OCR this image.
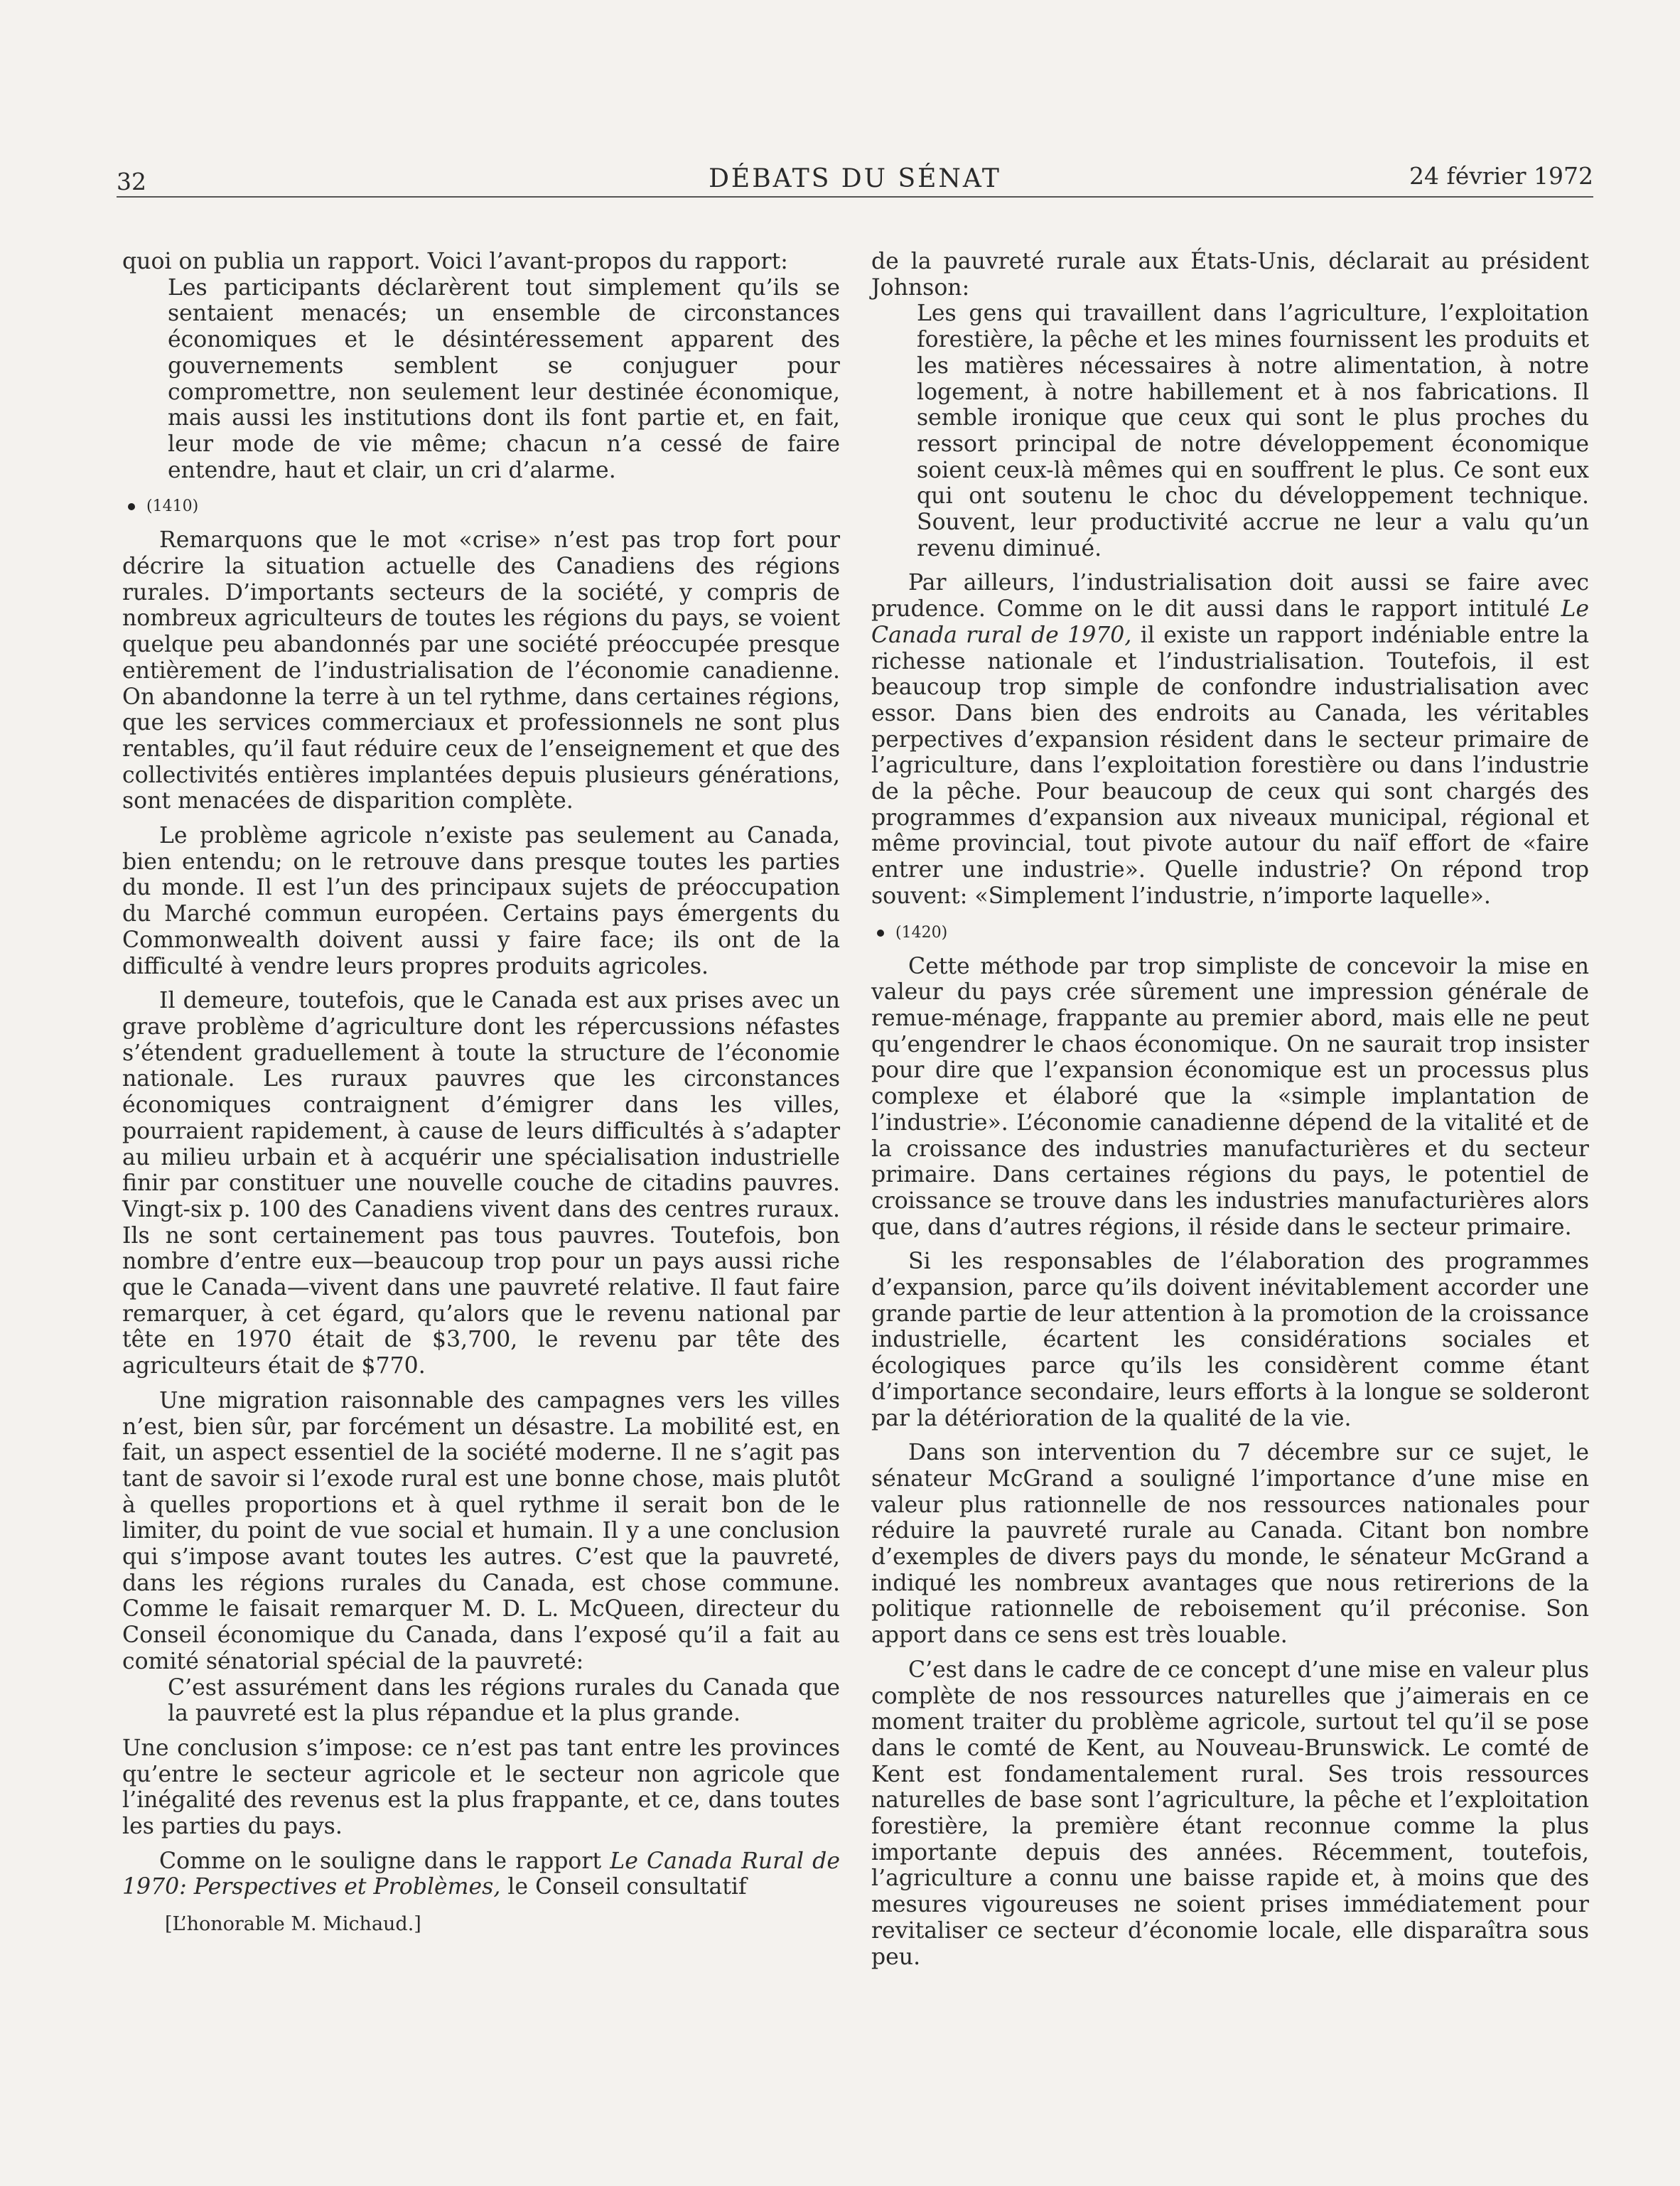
32	DÉBATS DU SÉNAT	24 février 1972

quoi on publia un rapport. Voici l’avant-propos du rapport:

Les participants déclarèrent tout simplement qu’ils se sentaient menacés; un ensemble de circonstances économiques et le désintéressement apparent des gouvernements semblent se conjuguer pour compromettre, non seulement leur destinée économique, mais aussi les institutions dont ils font partie et, en fait, leur mode de vie même; chacun n’a cessé de faire entendre, haut et clair, un cri d’alarme.

(1410)

Remarquons que le mot «crise» n’est pas trop fort pour décrire la situation actuelle des Canadiens des régions rurales. D’importants secteurs de la société, y compris de nombreux agriculteurs de toutes les régions du pays, se voient quelque peu abandonnés par une société préoccupée presque entièrement de l’industrialisation de l’économie canadienne. On abandonne la terre à un tel rythme, dans certaines régions, que les services commerciaux et professionnels ne sont plus rentables, qu’il faut réduire ceux de l’enseignement et que des collectivités entières implantées depuis plusieurs générations, sont menacées de disparition complète.

Le problème agricole n’existe pas seulement au Canada, bien entendu; on le retrouve dans presque toutes les parties du monde. Il est l’un des principaux sujets de préoccupation du Marché commun européen. Certains pays émergents du Commonwealth doivent aussi y faire face; ils ont de la difficulté à vendre leurs propres produits agricoles.

Il demeure, toutefois, que le Canada est aux prises avec un grave problème d’agriculture dont les répercussions néfastes s’étendent graduellement à toute la structure de l’économie nationale. Les ruraux pauvres que les circonstances économiques contraignent d’émigrer dans les villes, pourraient rapidement, à cause de leurs difficultés à s’adapter au milieu urbain et à acquérir une spécialisation industrielle finir par constituer une nouvelle couche de citadins pauvres. Vingt-six p. 100 des Canadiens vivent dans des centres ruraux. Ils ne sont certainement pas tous pauvres. Toutefois, bon nombre d’entre eux—beaucoup trop pour un pays aussi riche que le Canada—vivent dans une pauvreté relative. Il faut faire remarquer, à cet égard, qu’alors que le revenu national par tête en 1970 était de $3,700, le revenu par tête des agriculteurs était de $770.

Une migration raisonnable des campagnes vers les villes n’est, bien sûr, par forcément un désastre. La mobilité est, en fait, un aspect essentiel de la société moderne. Il ne s’agit pas tant de savoir si l’exode rural est une bonne chose, mais plutôt à quelles proportions et à quel rythme il serait bon de le limiter, du point de vue social et humain. Il y a une conclusion qui s’impose avant toutes les autres. C’est que la pauvreté, dans les régions rurales du Canada, est chose commune. Comme le faisait remarquer M. D. L. McQueen, directeur du Conseil économique du Canada, dans l’exposé qu’il a fait au comité sénatorial spécial de la pauvreté:

C’est assurément dans les régions rurales du Canada que la pauvreté est la plus répandue et la plus grande.

Une conclusion s’impose: ce n’est pas tant entre les provinces qu’entre le secteur agricole et le secteur non agricole que l’inégalité des revenus est la plus frappante, et ce, dans toutes les parties du pays.

Comme on le souligne dans le rapport Le Canada Rural de 1970: Perspectives et Problèmes, le Conseil consultatif

[L’honorable M. Michaud.]

de la pauvreté rurale aux États-Unis, déclarait au président Johnson:

Les gens qui travaillent dans l’agriculture, l’exploitation forestière, la pêche et les mines fournissent les produits et les matières nécessaires à notre alimentation, à notre logement, à notre habillement et à nos fabrications. Il semble ironique que ceux qui sont le plus proches du ressort principal de notre développement économique soient ceux-là mêmes qui en souffrent le plus. Ce sont eux qui ont soutenu le choc du développement technique. Souvent, leur productivité accrue ne leur a valu qu’un revenu diminué.

Par ailleurs, l’industrialisation doit aussi se faire avec prudence. Comme on le dit aussi dans le rapport intitulé Le Canada rural de 1970, il existe un rapport indéniable entre la richesse nationale et l’industrialisation. Toutefois, il est beaucoup trop simple de confondre industrialisation avec essor. Dans bien des endroits au Canada, les véritables perpectives d’expansion résident dans le secteur primaire de l’agriculture, dans l’exploitation forestière ou dans l’industrie de la pêche. Pour beaucoup de ceux qui sont chargés des programmes d’expansion aux niveaux municipal, régional et même provincial, tout pivote autour du naïf effort de «faire entrer une industrie». Quelle industrie? On répond trop souvent: «Simplement l’industrie, n’importe laquelle».

(1420)

Cette méthode par trop simpliste de concevoir la mise en valeur du pays crée sûrement une impression générale de remue-ménage, frappante au premier abord, mais elle ne peut qu’engendrer le chaos économique. On ne saurait trop insister pour dire que l’expansion économique est un processus plus complexe et élaboré que la «simple implantation de l’industrie». L’économie canadienne dépend de la vitalité et de la croissance des industries manufacturières et du secteur primaire. Dans certaines régions du pays, le potentiel de croissance se trouve dans les industries manufacturières alors que, dans d’autres régions, il réside dans le secteur primaire.

Si les responsables de l’élaboration des programmes d’expansion, parce qu’ils doivent inévitablement accorder une grande partie de leur attention à la promotion de la croissance industrielle, écartent les considérations sociales et écologiques parce qu’ils les considèrent comme étant d’importance secondaire, leurs efforts à la longue se solderont par la détérioration de la qualité de la vie.

Dans son intervention du 7 décembre sur ce sujet, le sénateur McGrand a souligné l’importance d’une mise en valeur plus rationnelle de nos ressources nationales pour réduire la pauvreté rurale au Canada. Citant bon nombre d’exemples de divers pays du monde, le sénateur McGrand a indiqué les nombreux avantages que nous retirerions de la politique rationnelle de reboisement qu’il préconise. Son apport dans ce sens est très louable.

C’est dans le cadre de ce concept d’une mise en valeur plus complète de nos ressources naturelles que j’aimerais en ce moment traiter du problème agricole, surtout tel qu’il se pose dans le comté de Kent, au Nouveau-Brunswick. Le comté de Kent est fondamentalement rural. Ses trois ressources naturelles de base sont l’agriculture, la pêche et l’exploitation forestière, la première étant reconnue comme la plus importante depuis des années. Récemment, toutefois, l’agriculture a connu une baisse rapide et, à moins que des mesures vigoureuses ne soient prises immédiatement pour revitaliser ce secteur d’économie locale, elle disparaîtra sous peu.
